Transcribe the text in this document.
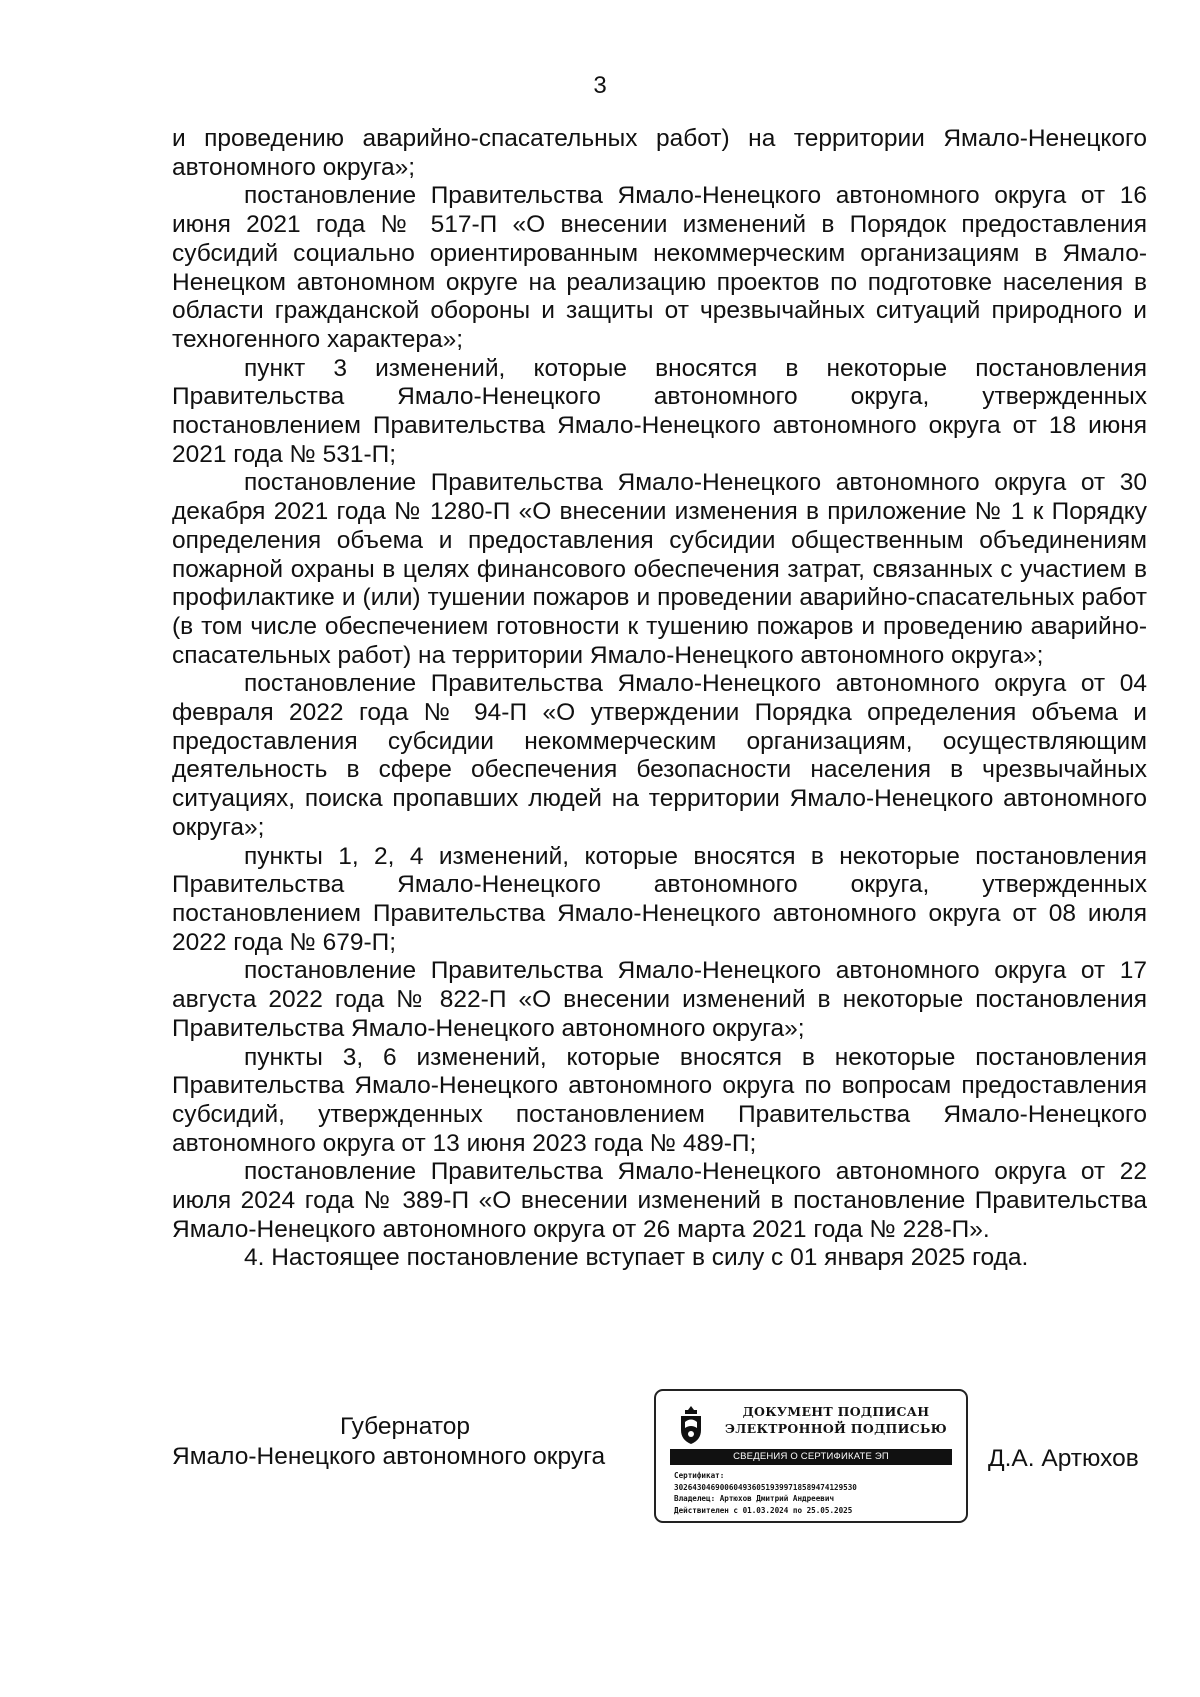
3

и проведению аварийно-спасательных работ) на территории Ямало-Ненецкого автономного округа»;

постановление Правительства Ямало-Ненецкого автономного округа от 16 июня 2021 года № 517-П «О внесении изменений в Порядок предоставления субсидий социально ориентированным некоммерческим организациям в Ямало-Ненецком автономном округе на реализацию проектов по подготовке населения в области гражданской обороны и защиты от чрезвычайных ситуаций природного и техногенного характера»;

пункт 3 изменений, которые вносятся в некоторые постановления Правительства Ямало-Ненецкого автономного округа, утвержденных постановлением Правительства Ямало-Ненецкого автономного округа от 18 июня 2021 года № 531-П;

постановление Правительства Ямало-Ненецкого автономного округа от 30 декабря 2021 года № 1280-П «О внесении изменения в приложение № 1 к Порядку определения объема и предоставления субсидии общественным объединениям пожарной охраны в целях финансового обеспечения затрат, связанных с участием в профилактике и (или) тушении пожаров и проведении аварийно-спасательных работ (в том числе обеспечением готовности к тушению пожаров и проведению аварийно-спасательных работ) на территории Ямало-Ненецкого автономного округа»;

постановление Правительства Ямало-Ненецкого автономного округа от 04 февраля 2022 года № 94-П «О утверждении Порядка определения объема и предоставления субсидии некоммерческим организациям, осуществляющим деятельность в сфере обеспечения безопасности населения в чрезвычайных ситуациях, поиска пропавших людей на территории Ямало-Ненецкого автономного округа»;

пункты 1, 2, 4 изменений, которые вносятся в некоторые постановления Правительства Ямало-Ненецкого автономного округа, утвержденных постановлением Правительства Ямало-Ненецкого автономного округа от 08 июля 2022 года № 679-П;

постановление Правительства Ямало-Ненецкого автономного округа от 17 августа 2022 года № 822-П «О внесении изменений в некоторые постановления Правительства Ямало-Ненецкого автономного округа»;

пункты 3, 6 изменений, которые вносятся в некоторые постановления Правительства Ямало-Ненецкого автономного округа по вопросам предоставления субсидий, утвержденных постановлением Правительства Ямало-Ненецкого автономного округа от 13 июня 2023 года № 489-П;

постановление Правительства Ямало-Ненецкого автономного округа от 22 июля 2024 года № 389-П «О внесении изменений в постановление Правительства Ямало-Ненецкого автономного округа от 26 марта 2021 года № 228-П».

4. Настоящее постановление вступает в силу с 01 января 2025 года.

Губернатор
Ямало-Ненецкого автономного округа
ДОКУМЕНТ ПОДПИСАН
ЭЛЕКТРОННОЙ ПОДПИСЬЮ
СВЕДЕНИЯ О СЕРТИФИКАТЕ ЭП
Сертификат:
3026430469006049360519399718589474129530
Владелец: Артюхов Дмитрий Андреевич
Действителен с 01.03.2024 по 25.05.2025
Д.А. Артюхов
